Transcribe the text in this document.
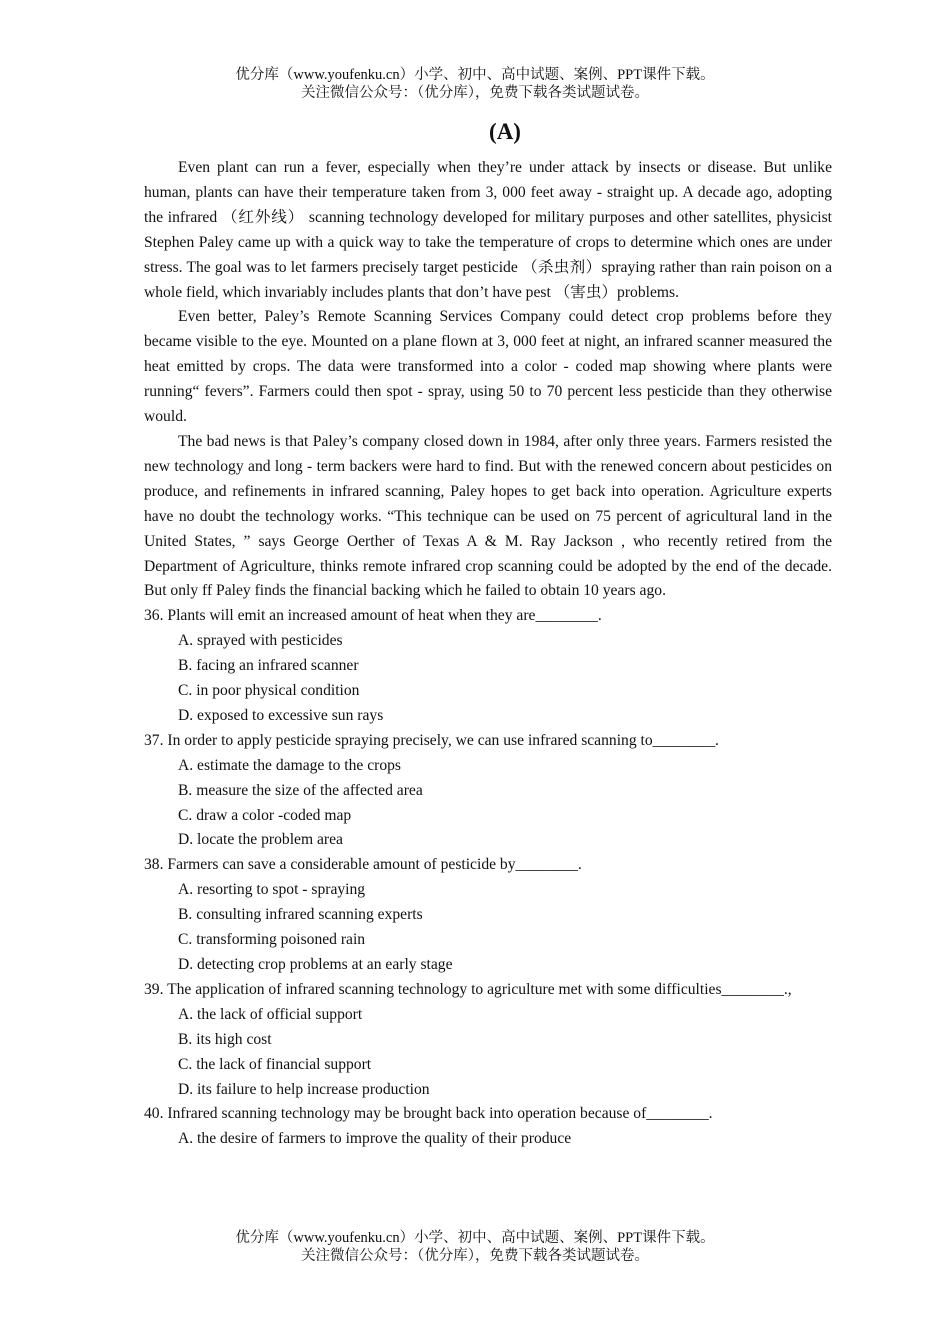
优分库（www.youfenku.cn）小学、初中、高中试题、案例、PPT课件下载。
关注微信公众号：（优分库），免费下载各类试题试卷。
(A)

Even plant can run a fever, especially when they’re under attack by insects or disease. But unlike human, plants can have their temperature taken from 3, 000 feet away - straight up. A decade ago, adopting the infrared （红外线） scanning technology developed for military purposes and other satellites, physicist Stephen Paley came up with a quick way to take the temperature of crops to determine which ones are under stress. The goal was to let farmers precisely target pesticide （杀虫剂）spraying rather than rain poison on a whole field, which invariably includes plants that don’t have pest （害虫）problems.

Even better, Paley’s Remote Scanning Services Company could detect crop problems before they became visible to the eye. Mounted on a plane flown at 3, 000 feet at night, an infrared scanner measured the heat emitted by crops. The data were transformed into a color - coded map showing where plants were running“ fevers”. Farmers could then spot - spray, using 50 to 70 percent less pesticide than they otherwise would.

The bad news is that Paley’s company closed down in 1984, after only three years. Farmers resisted the new technology and long - term backers were hard to find. But with the renewed concern about pesticides on produce, and refinements in infrared scanning, Paley hopes to get back into operation. Agriculture experts have no doubt the technology works. “This technique can be used on 75 percent of agricultural land in the United States, ” says George Oerther of Texas A & M. Ray Jackson , who recently retired from the Department of Agriculture, thinks remote infrared crop scanning could be adopted by the end of the decade. But only ff Paley finds the financial backing which he failed to obtain 10 years ago.

36. Plants will emit an increased amount of heat when they are________.

A. sprayed with pesticides

B. facing an infrared scanner

C. in poor physical condition

D. exposed to excessive sun rays

37. In order to apply pesticide spraying precisely, we can use infrared scanning to________.

A. estimate the damage to the crops

B. measure the size of the affected area

C. draw a color -coded map

D. locate the problem area

38. Farmers can save a considerable amount of pesticide by________.

A. resorting to spot - spraying

B. consulting infrared scanning experts

C. transforming poisoned rain

D. detecting crop problems at an early stage

39. The application of infrared scanning technology to agriculture met with some difficulties________.,

A. the lack of official support

B. its high cost

C. the lack of financial support

D. its failure to help increase production

40. Infrared scanning technology may be brought back into operation because of________.

A. the desire of farmers to improve the quality of their produce

优分库（www.youfenku.cn）小学、初中、高中试题、案例、PPT课件下载。
关注微信公众号：（优分库），免费下载各类试题试卷。
